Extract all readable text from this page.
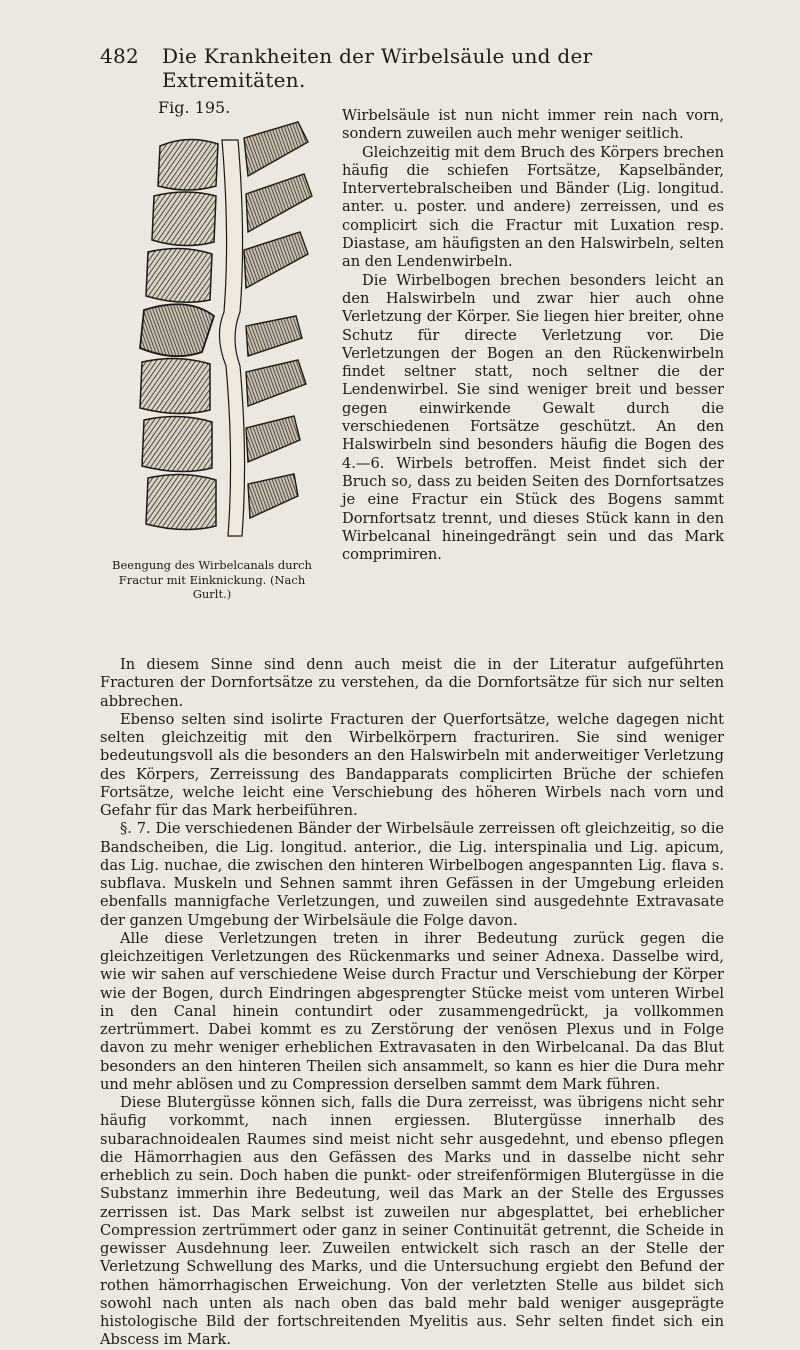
482 Die Krankheiten der Wirbelsäule und der Extremitäten.
Fig. 195.
Beengung des Wirbelcanals durch Fractur mit Einknickung. (Nach Gurlt.)

Wirbelsäule ist nun nicht immer rein nach vorn, sondern zuweilen auch mehr weniger seitlich.

Gleichzeitig mit dem Bruch des Körpers brechen häufig die schiefen Fortsätze, Kapselbänder, Intervertebralscheiben und Bänder (Lig. longitud. anter. u. poster. und andere) zerreissen, und es complicirt sich die Fractur mit Luxation resp. Diastase, am häufigsten an den Halswirbeln, selten an den Lendenwirbeln.

Die Wirbelbogen brechen besonders leicht an den Halswirbeln und zwar hier auch ohne Verletzung der Körper. Sie liegen hier breiter, ohne Schutz für directe Verletzung vor. Die Verletzungen der Bogen an den Rückenwirbeln findet seltner statt, noch seltner die der Lendenwirbel. Sie sind weniger breit und besser gegen einwirkende Gewalt durch die verschiedenen Fortsätze geschützt. An den Halswirbeln sind besonders häufig die Bogen des 4.—6. Wirbels betroffen. Meist findet sich der Bruch so, dass zu beiden Seiten des Dornfortsatzes je eine Fractur ein Stück des Bogens sammt Dornfortsatz trennt, und dieses Stück kann in den Wirbelcanal hineingedrängt sein und das Mark comprimiren.

In diesem Sinne sind denn auch meist die in der Literatur aufgeführten Fracturen der Dornfortsätze zu verstehen, da die Dornfortsätze für sich nur selten abbrechen.

Ebenso selten sind isolirte Fracturen der Querfortsätze, welche dagegen nicht selten gleichzeitig mit den Wirbelkörpern fracturiren. Sie sind weniger bedeutungsvoll als die besonders an den Halswirbeln mit anderweitiger Verletzung des Körpers, Zerreissung des Bandapparats complicirten Brüche der schiefen Fortsätze, welche leicht eine Verschiebung des höheren Wirbels nach vorn und Gefahr für das Mark herbeiführen.

§. 7. Die verschiedenen Bänder der Wirbelsäule zerreissen oft gleichzeitig, so die Bandscheiben, die Lig. longitud. anterior., die Lig. interspinalia und Lig. apicum, das Lig. nuchae, die zwischen den hinteren Wirbelbogen angespannten Lig. flava s. subflava. Muskeln und Sehnen sammt ihren Gefässen in der Umgebung erleiden ebenfalls mannigfache Verletzungen, und zuweilen sind ausgedehnte Extravasate der ganzen Umgebung der Wirbelsäule die Folge davon.

Alle diese Verletzungen treten in ihrer Bedeutung zurück gegen die gleichzeitigen Verletzungen des Rückenmarks und seiner Adnexa. Dasselbe wird, wie wir sahen auf verschiedene Weise durch Fractur und Verschiebung der Körper wie der Bogen, durch Eindringen abgesprengter Stücke meist vom unteren Wirbel in den Canal hinein contundirt oder zusammengedrückt, ja vollkommen zertrümmert. Dabei kommt es zu Zerstörung der venösen Plexus und in Folge davon zu mehr weniger erheblichen Extravasaten in den Wirbelcanal. Da das Blut besonders an den hinteren Theilen sich ansammelt, so kann es hier die Dura mehr und mehr ablösen und zu Compression derselben sammt dem Mark führen.

Diese Blutergüsse können sich, falls die Dura zerreisst, was übrigens nicht sehr häufig vorkommt, nach innen ergiessen. Blutergüsse innerhalb des subarachnoidealen Raumes sind meist nicht sehr ausgedehnt, und ebenso pflegen die Hämorrhagien aus den Gefässen des Marks und in dasselbe nicht sehr erheblich zu sein. Doch haben die punkt- oder streifenförmigen Blutergüsse in die Substanz immerhin ihre Bedeutung, weil das Mark an der Stelle des Ergusses zerrissen ist. Das Mark selbst ist zuweilen nur abgesplattet, bei erheblicher Compression zertrümmert oder ganz in seiner Continuität getrennt, die Scheide in gewisser Ausdehnung leer. Zuweilen entwickelt sich rasch an der Stelle der Verletzung Schwellung des Marks, und die Untersuchung ergiebt den Befund der rothen hämorrhagischen Erweichung. Von der verletzten Stelle aus bildet sich sowohl nach unten als nach oben das bald mehr bald weniger ausgeprägte histologische Bild der fortschreitenden Myelitis aus. Sehr selten findet sich ein Abscess im Mark.
